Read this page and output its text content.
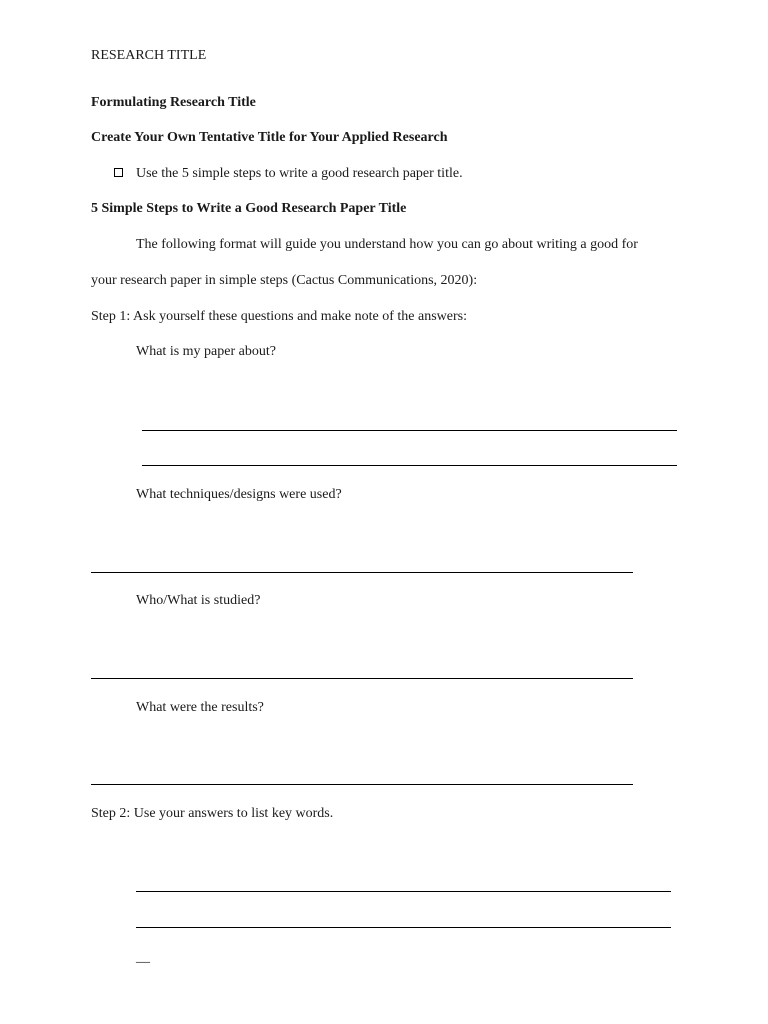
RESEARCH TITLE
Formulating Research Title
Create Your Own Tentative Title for Your Applied Research
Use the 5 simple steps to write a good research paper title.
5 Simple Steps to Write a Good Research Paper Title
The following format will guide you understand how you can go about writing a good for
your research paper in simple steps (Cactus Communications, 2020):
Step 1: Ask yourself these questions and make note of the answers:
What is my paper about?
What techniques/designs were used?
Who/What is studied?
What were the results?
Step 2: Use your answers to list key words.
__
